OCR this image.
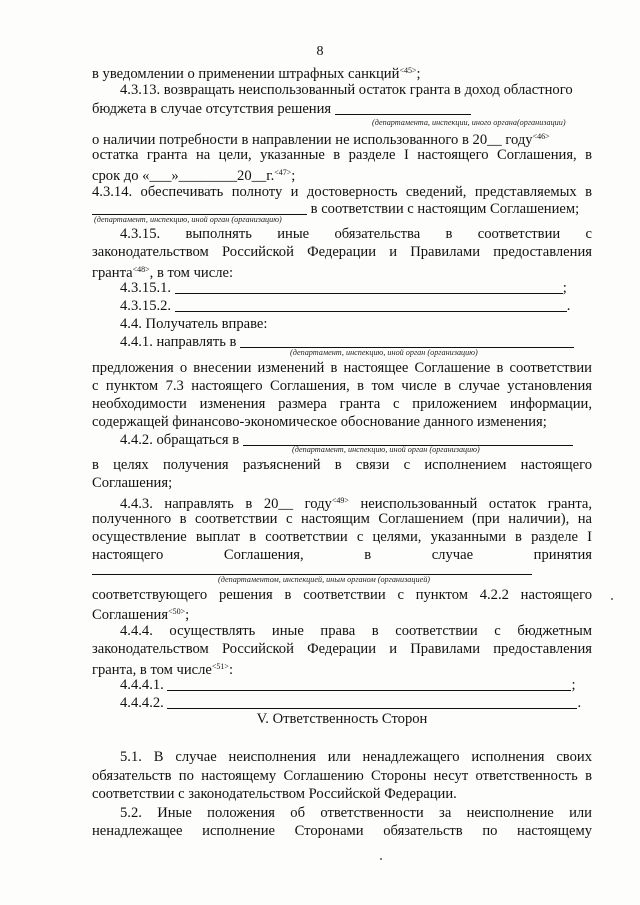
8
в уведомлении о применении штрафных санкций$^{<45>}$;
4.3.13. возвращать неиспользованный остаток гранта в доход областного
бюджета в случае отсутствия решения
(департамента, инспекции, иного органа(организации)
о наличии потребности в направлении не использованного в 20__ году$^{<46>}$
остатка гранта на цели, указанные в разделе I настоящего Соглашения, в
срок до «___»________20__г.$^{<47>}$;
4.3.14. обеспечивать полноту и достоверность сведений, представляемых в
в соответствии с настоящим Соглашением;
(департамент, инспекцию, иной орган (организацию)
4.3.15. выполнять иные обязательства в соответствии с
законодательством Российской Федерации и Правилами предоставления
гранта$^{<48>}$, в том числе:
4.3.15.1.	;
4.3.15.2.	.
4.4. Получатель вправе:
4.4.1. направлять в
(департамент, инспекцию, иной орган (организацию)
предложения о внесении изменений в настоящее Соглашение в соответствии
с пунктом 7.3 настоящего Соглашения, в том числе в случае установления
необходимости изменения размера гранта с приложением информации,
содержащей финансово-экономическое обоснование данного изменения;
4.4.2. обращаться в
(департамент, инспекцию, иной орган (организацию)
в целях получения разъяснений в связи с исполнением настоящего
Соглашения;
4.4.3. направлять в 20__ году$^{<49>}$ неиспользованный остаток гранта,
полученного в соответствии с настоящим Соглашением (при наличии), на
осуществление выплат в соответствии с целями, указанными в разделе I
настоящего Соглашения, в случае принятия
(департаментом, инспекцией, иным органом (организацией)
соответствующего решения в соответствии с пунктом 4.2.2 настоящего
Соглашения$^{<50>}$;
4.4.4. осуществлять иные права в соответствии с бюджетным
законодательством Российской Федерации и Правилами предоставления
гранта, в том числе$^{<51>}$:
4.4.4.1.	;
4.4.4.2.	.
V. Ответственность Сторон
5.1. В случае неисполнения или ненадлежащего исполнения своих
обязательств по настоящему Соглашению Стороны несут ответственность в
соответствии с законодательством Российской Федерации.
5.2. Иные положения об ответственности за неисполнение или
ненадлежащее исполнение Сторонами обязательств по настоящему
